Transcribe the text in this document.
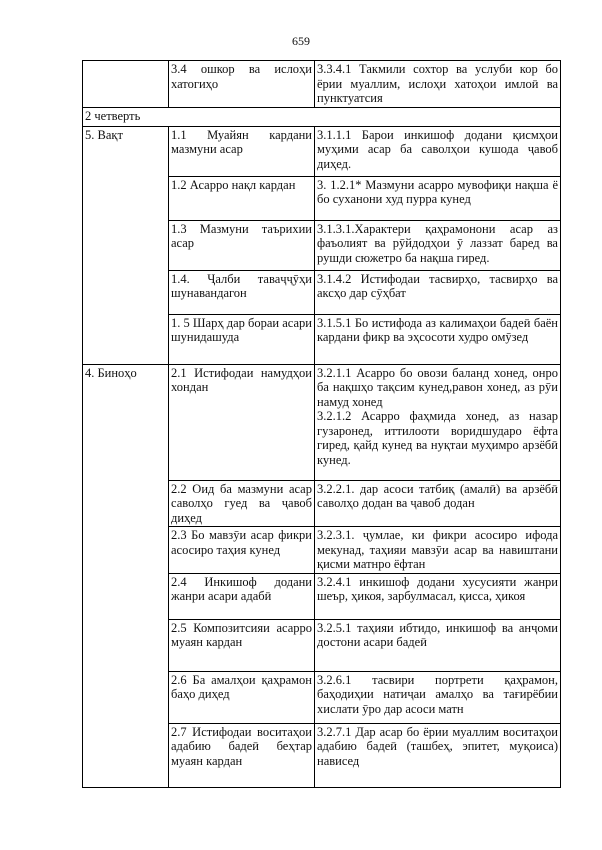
659
	3.4 ошкор ва ислоҳи хатогиҳо	3.3.4.1 Такмили сохтор ва услуби кор бо ёрии муаллим, ислоҳи хатоҳои имлоӣ ва пунктуатсия
2 четверть		
5. Вақт	1.1 Муайян кардани мазмуни асар	3.1.1.1 Барои инкишоф додани қисмҳои муҳими асар ба саволҳои кушода ҷавоб диҳед.
	1.2 Асарро нақл кардан	3. 1.2.1* Мазмуни асарро мувофиқи нақша ё бо суханони худ пурра кунед
	1.3 Мазмуни таърихии асар	3.1.3.1.Характери қаҳрамонони асар аз фаъолият ва рӯйдодҳои ӯ лаззат баред ва рушди сюжетро ба нақша гиред.
	1.4. Ҷалби таваҷҷӯҳи шунавандагон	3.1.4.2 Истифодаи тасвирҳо, тасвирҳо ва аксҳо дар сӯҳбат
	1. 5 Шарҳ дар бораи асари шунидашуда	3.1.5.1 Бо истифода аз калимаҳои бадеӣ баён кардани фикр ва эҳсосоти худро омӯзед
4. Биноҳо	2.1 Истифодаи намудҳои хондан	3.2.1.1 Асарро бо овози баланд хонед, онро ба нақшҳо тақсим кунед,равон хонед, аз рӯи намуд хонед
3.2.1.2 Асарро фаҳмида хонед, аз назар гузаронед, иттилооти воридшударо ёфта гиред, қайд кунед ва нуқтаи муҳимро арзёбӣ кунед.

	2.2 Оид ба мазмуни асар саволҳо гуед ва ҷавоб диҳед	3.2.2.1. дар асоси татбиқ (амалӣ) ва арзёбӣ саволҳо додан ва ҷавоб додан
	2.3 Бо мавзӯи асар фикри асосиро таҳия кунед	3.2.3.1. ҷумлае, ки фикри асосиро ифода мекунад, таҳияи мавзӯи асар ва навиштани қисми матнро ёфтан
	2.4 Инкишоф додани жанри асари адабӣ	3.2.4.1 инкишоф додани хусусияти жанри шеър, ҳикоя, зарбулмасал, қисса, ҳикоя
	2.5 Композитсияи асарро муаян кардан	3.2.5.1 таҳияи ибтидо, инкишоф ва анҷоми достони асари бадеӣ
	2.6 Ба амалҳои қаҳрамон баҳо диҳед	3.2.6.1 тасвири портрети қаҳрамон, баҳодиҳии натиҷаи амалҳо ва тағирёбии хислати ӯро дар асоси матн
	2.7 Истифодаи воситаҳои адабию бадеӣ беҳтар муаян кардан	3.2.7.1 Дар асар бо ёрии муаллим воситаҳои адабию бадеӣ (ташбеҳ, эпитет, муқоиса) нависед
